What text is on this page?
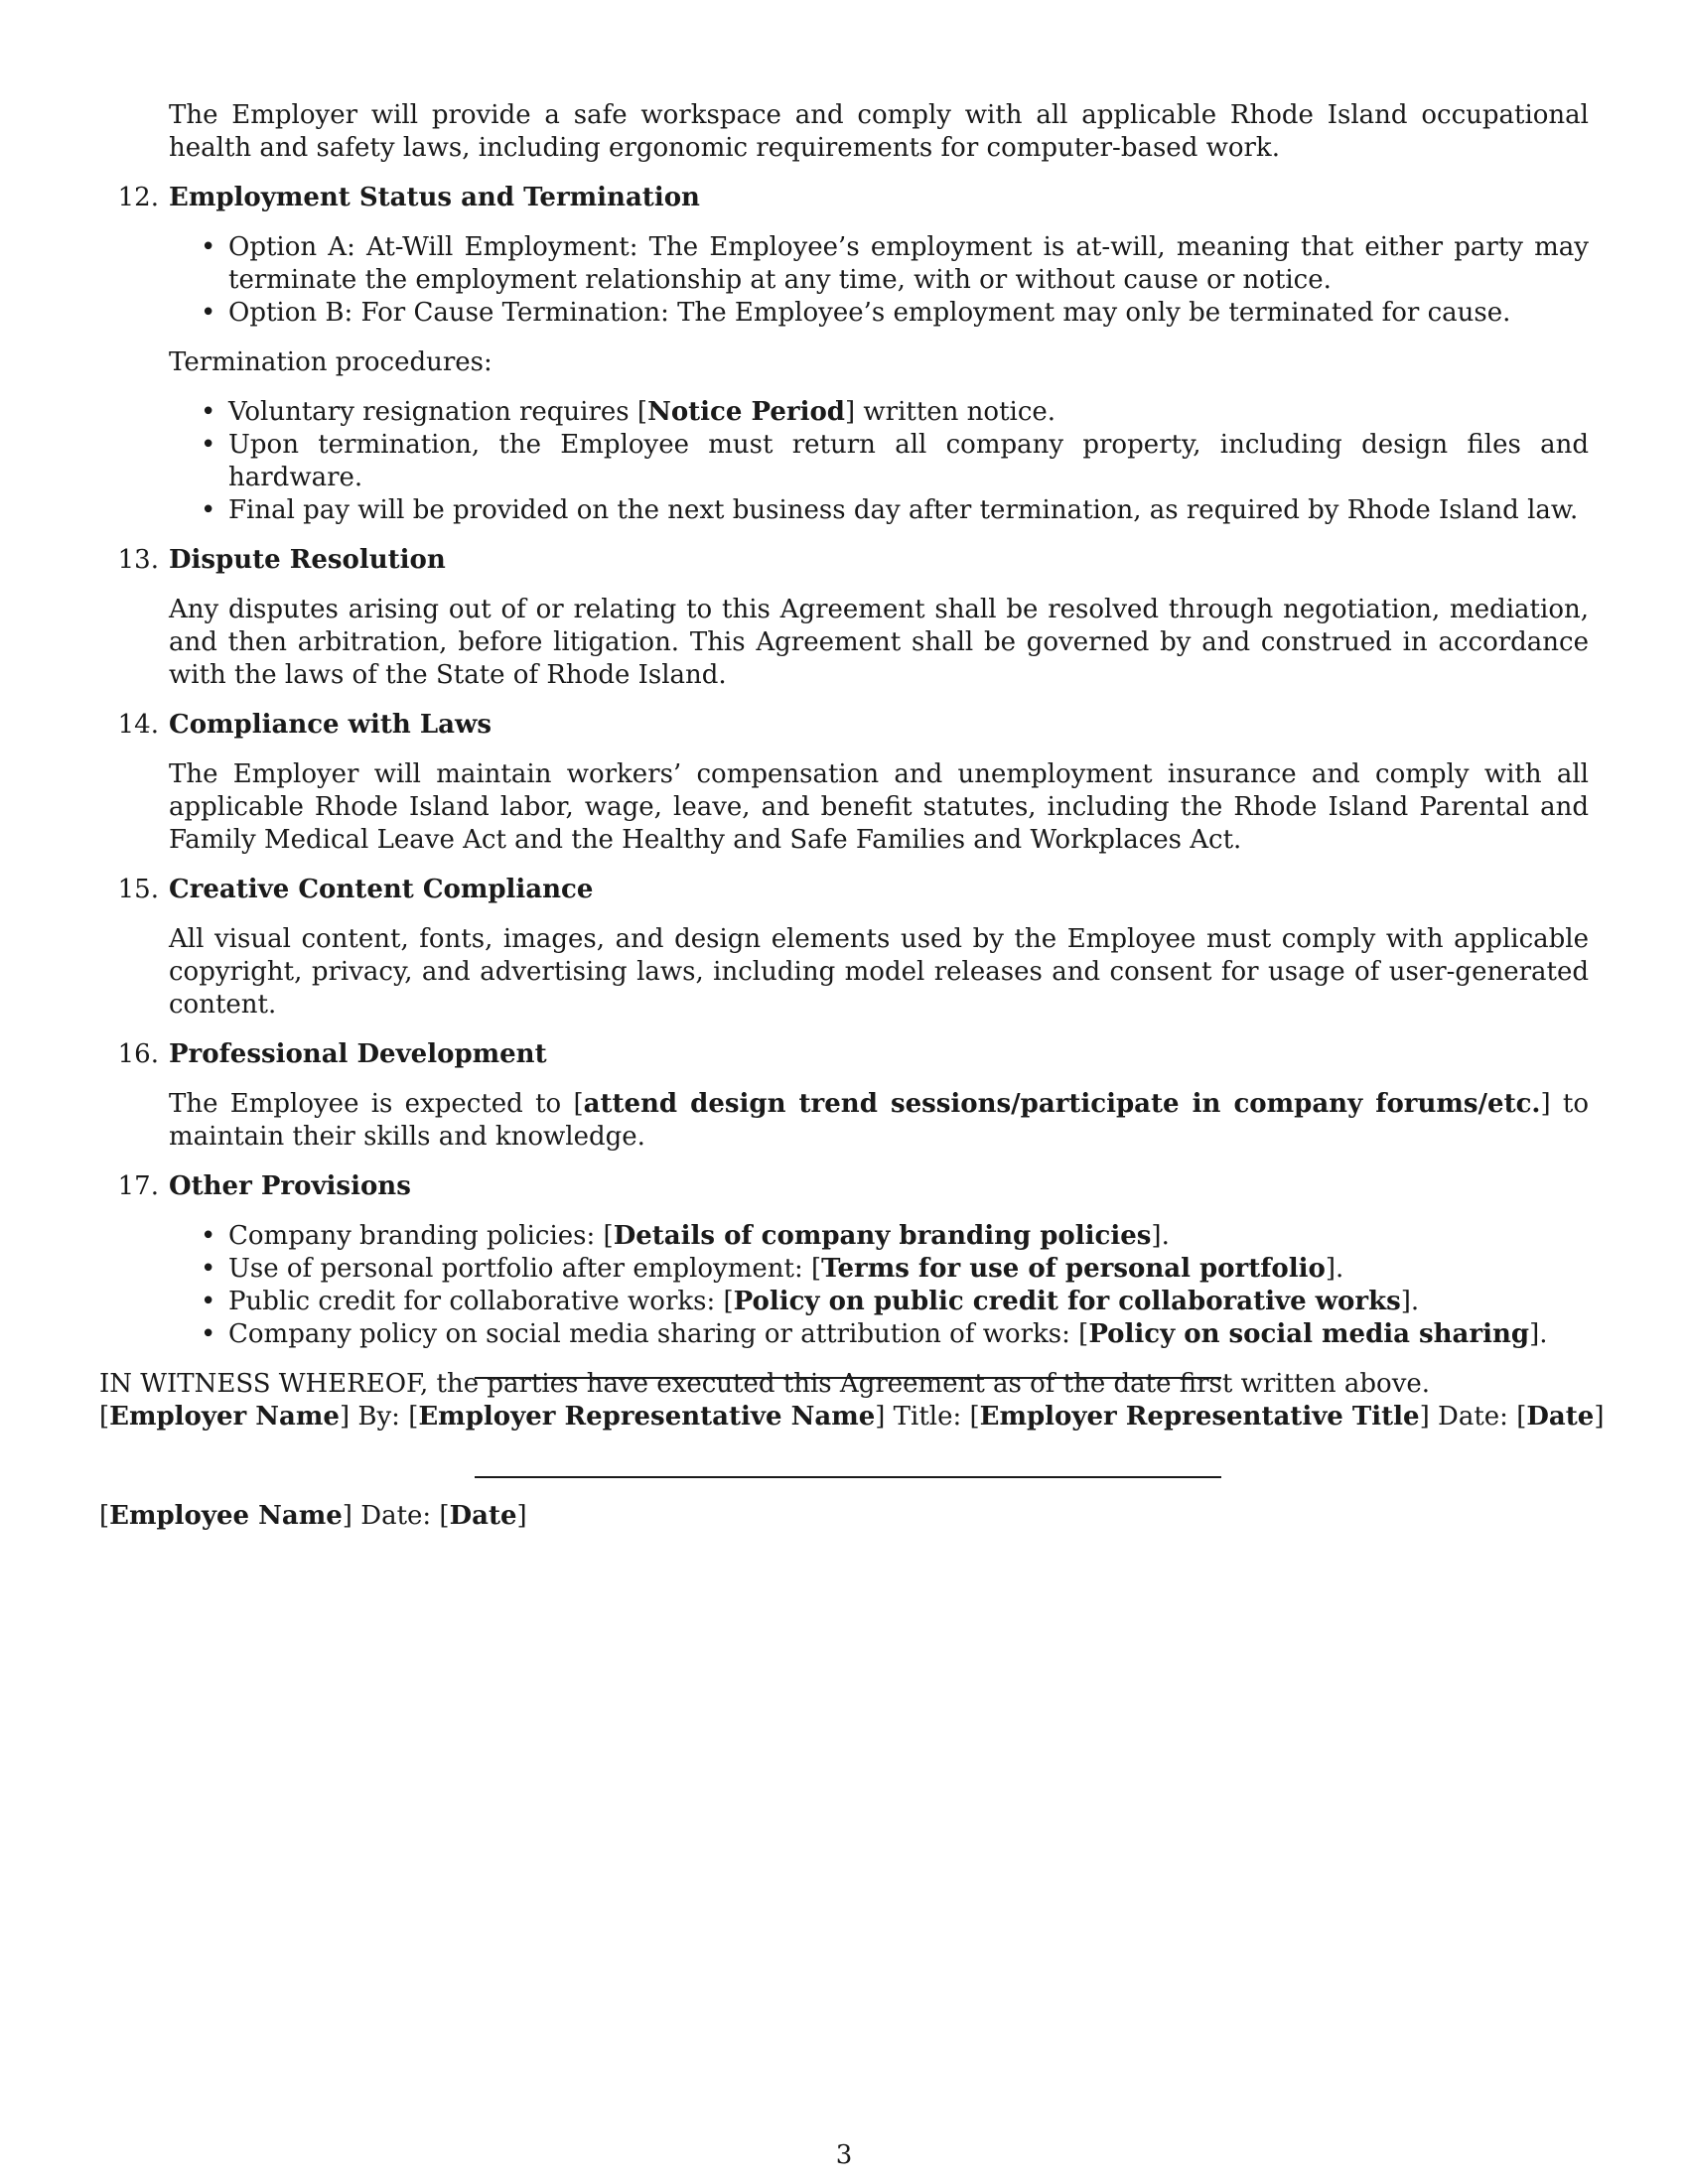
The Employer will provide a safe workspace and comply with all applicable Rhode Island occupational health and safety laws, including ergonomic requirements for computer-based work.

12. Employment Status and Termination
• Option A: At-Will Employment: The Employee’s employment is at-will, meaning that either party may terminate the employment relationship at any time, with or without cause or notice.
• Option B: For Cause Termination: The Employee’s employment may only be terminated for cause.

Termination procedures:

• Voluntary resignation requires [Notice Period] written notice.
• Upon termination, the Employee must return all company property, including design files and hardware.
• Final pay will be provided on the next business day after termination, as required by Rhode Island law.
13. Dispute Resolution

Any disputes arising out of or relating to this Agreement shall be resolved through negotiation, mediation, and then arbitration, before litigation. This Agreement shall be governed by and construed in accordance with the laws of the State of Rhode Island.

14. Compliance with Laws

The Employer will maintain workers’ compensation and unemployment insurance and comply with all applicable Rhode Island labor, wage, leave, and benefit statutes, including the Rhode Island Parental and Family Medical Leave Act and the Healthy and Safe Families and Workplaces Act.

15. Creative Content Compliance

All visual content, fonts, images, and design elements used by the Employee must comply with applicable copyright, privacy, and advertising laws, including model releases and consent for usage of user-generated content.

16. Professional Development

The Employee is expected to [attend design trend sessions/participate in company forums/etc.] to maintain their skills and knowledge.

17. Other Provisions
• Company branding policies: [Details of company branding policies].
• Use of personal portfolio after employment: [Terms for use of personal portfolio].
• Public credit for collaborative works: [Policy on public credit for collaborative works].
• Company policy on social media sharing or attribution of works: [Policy on social media sharing].

IN WITNESS WHEREOF, the parties have executed this Agreement as of the date first written above.

[Employer Name] By: [Employer Representative Name] Title: [Employer Representative Title] Date: [Date]
[Employee Name] Date: [Date]
3
